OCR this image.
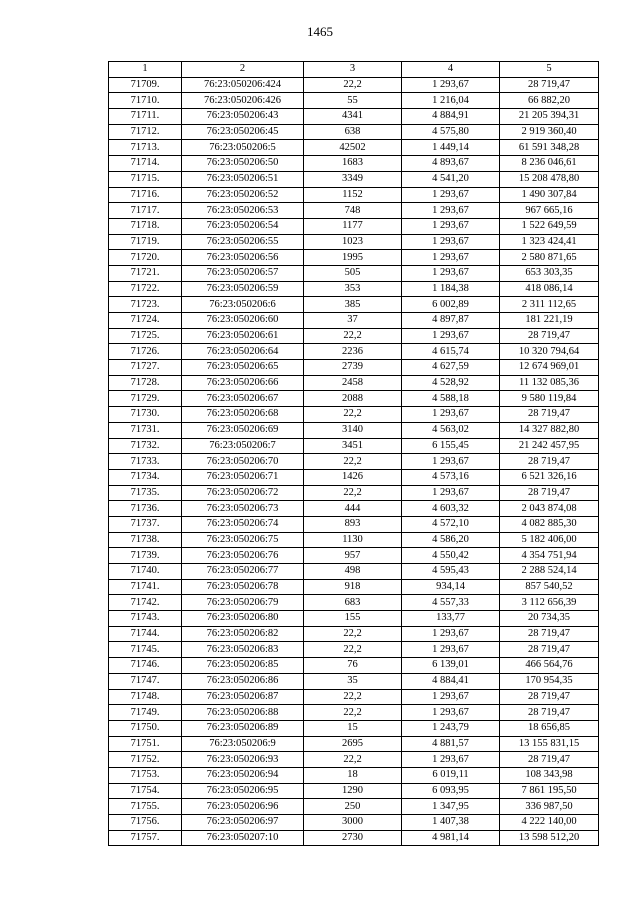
1465
1	2	3	4	5
71709.	76:23:050206:424	22,2	1 293,67	28 719,47
71710.	76:23:050206:426	55	1 216,04	66 882,20
71711.	76:23:050206:43	4341	4 884,91	21 205 394,31
71712.	76:23:050206:45	638	4 575,80	2 919 360,40
71713.	76:23:050206:5	42502	1 449,14	61 591 348,28
71714.	76:23:050206:50	1683	4 893,67	8 236 046,61
71715.	76:23:050206:51	3349	4 541,20	15 208 478,80
71716.	76:23:050206:52	1152	1 293,67	1 490 307,84
71717.	76:23:050206:53	748	1 293,67	967 665,16
71718.	76:23:050206:54	1177	1 293,67	1 522 649,59
71719.	76:23:050206:55	1023	1 293,67	1 323 424,41
71720.	76:23:050206:56	1995	1 293,67	2 580 871,65
71721.	76:23:050206:57	505	1 293,67	653 303,35
71722.	76:23:050206:59	353	1 184,38	418 086,14
71723.	76:23:050206:6	385	6 002,89	2 311 112,65
71724.	76:23:050206:60	37	4 897,87	181 221,19
71725.	76:23:050206:61	22,2	1 293,67	28 719,47
71726.	76:23:050206:64	2236	4 615,74	10 320 794,64
71727.	76:23:050206:65	2739	4 627,59	12 674 969,01
71728.	76:23:050206:66	2458	4 528,92	11 132 085,36
71729.	76:23:050206:67	2088	4 588,18	9 580 119,84
71730.	76:23:050206:68	22,2	1 293,67	28 719,47
71731.	76:23:050206:69	3140	4 563,02	14 327 882,80
71732.	76:23:050206:7	3451	6 155,45	21 242 457,95
71733.	76:23:050206:70	22,2	1 293,67	28 719,47
71734.	76:23:050206:71	1426	4 573,16	6 521 326,16
71735.	76:23:050206:72	22,2	1 293,67	28 719,47
71736.	76:23:050206:73	444	4 603,32	2 043 874,08
71737.	76:23:050206:74	893	4 572,10	4 082 885,30
71738.	76:23:050206:75	1130	4 586,20	5 182 406,00
71739.	76:23:050206:76	957	4 550,42	4 354 751,94
71740.	76:23:050206:77	498	4 595,43	2 288 524,14
71741.	76:23:050206:78	918	934,14	857 540,52
71742.	76:23:050206:79	683	4 557,33	3 112 656,39
71743.	76:23:050206:80	155	133,77	20 734,35
71744.	76:23:050206:82	22,2	1 293,67	28 719,47
71745.	76:23:050206:83	22,2	1 293,67	28 719,47
71746.	76:23:050206:85	76	6 139,01	466 564,76
71747.	76:23:050206:86	35	4 884,41	170 954,35
71748.	76:23:050206:87	22,2	1 293,67	28 719,47
71749.	76:23:050206:88	22,2	1 293,67	28 719,47
71750.	76:23:050206:89	15	1 243,79	18 656,85
71751.	76:23:050206:9	2695	4 881,57	13 155 831,15
71752.	76:23:050206:93	22,2	1 293,67	28 719,47
71753.	76:23:050206:94	18	6 019,11	108 343,98
71754.	76:23:050206:95	1290	6 093,95	7 861 195,50
71755.	76:23:050206:96	250	1 347,95	336 987,50
71756.	76:23:050206:97	3000	1 407,38	4 222 140,00
71757.	76:23:050207:10	2730	4 981,14	13 598 512,20
